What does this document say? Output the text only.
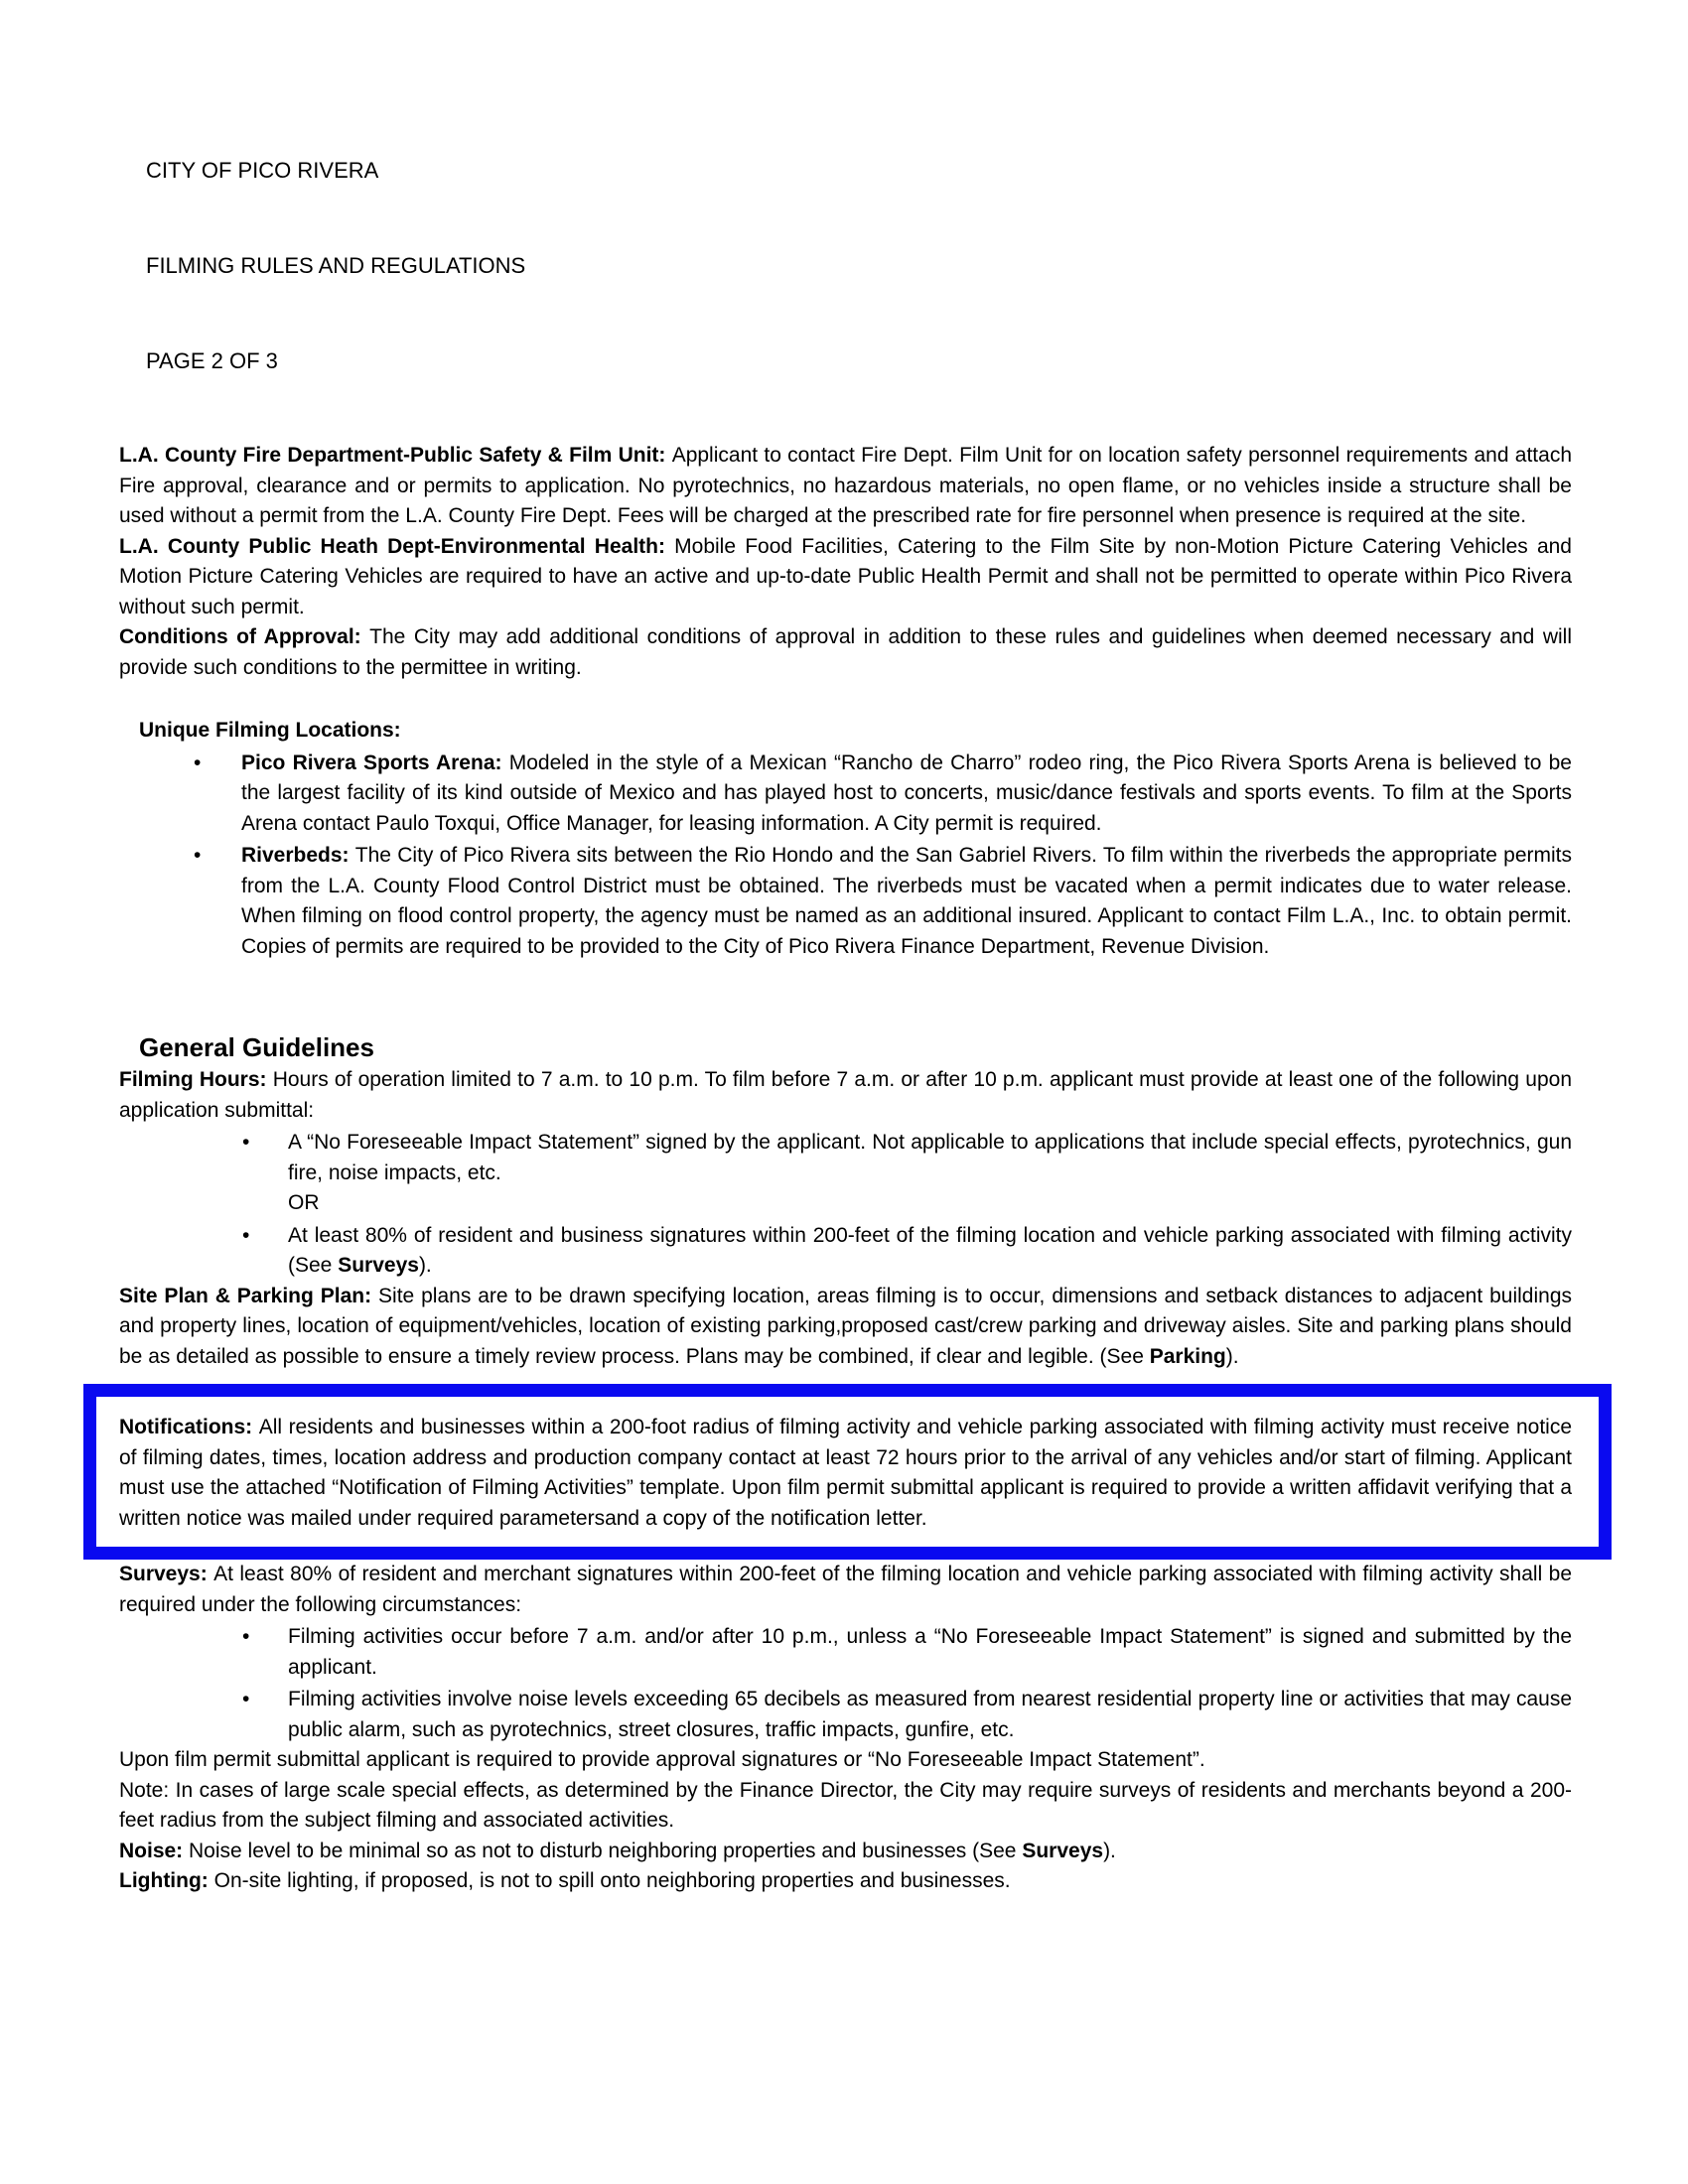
CITY OF PICO RIVERA

FILMING RULES AND REGULATIONS

PAGE 2 OF 3

L.A. County Fire Department-Public Safety & Film Unit: Applicant to contact Fire Dept. Film Unit for on location safety personnel requirements and attach Fire approval, clearance and or permits to application. No pyrotechnics, no hazardous materials, no open flame, or no vehicles inside a structure shall be used without a permit from the L.A. County Fire Dept. Fees will be charged at the prescribed rate for fire personnel when presence is required at the site.

L.A. County Public Heath Dept-Environmental Health: Mobile Food Facilities, Catering to the Film Site by non-Motion Picture Catering Vehicles and Motion Picture Catering Vehicles are required to have an active and up-to-date Public Health Permit and shall not be permitted to operate within Pico Rivera without such permit.

Conditions of Approval: The City may add additional conditions of approval in addition to these rules and guidelines when deemed necessary and will provide such conditions to the permittee in writing.

Unique Filming Locations:
• Pico Rivera Sports Arena: Modeled in the style of a Mexican “Rancho de Charro” rodeo ring, the Pico Rivera Sports Arena is believed to be the largest facility of its kind outside of Mexico and has played host to concerts, music/dance festivals and sports events. To film at the Sports Arena contact Paulo Toxqui, Office Manager, for leasing information. A City permit is required.
• Riverbeds: The City of Pico Rivera sits between the Rio Hondo and the San Gabriel Rivers. To film within the riverbeds the appropriate permits from the L.A. County Flood Control District must be obtained. The riverbeds must be vacated when a permit indicates due to water release. When filming on flood control property, the agency must be named as an additional insured. Applicant to contact Film L.A., Inc. to obtain permit. Copies of permits are required to be provided to the City of Pico Rivera Finance Department, Revenue Division.
General Guidelines

Filming Hours: Hours of operation limited to 7 a.m. to 10 p.m. To film before 7 a.m. or after 10 p.m. applicant must provide at least one of the following upon application submittal:

• A “No Foreseeable Impact Statement” signed by the applicant. Not applicable to applications that include special effects, pyrotechnics, gun fire, noise impacts, etc.
OR
• At least 80% of resident and business signatures within 200-feet of the filming location and vehicle parking associated with filming activity (See Surveys).

Site Plan & Parking Plan: Site plans are to be drawn specifying location, areas filming is to occur, dimensions and setback distances to adjacent buildings and property lines, location of equipment/vehicles, location of existing parking,proposed cast/crew parking and driveway aisles. Site and parking plans should be as detailed as possible to ensure a timely review process. Plans may be combined, if clear and legible. (See Parking).

Notifications: All residents and businesses within a 200-foot radius of filming activity and vehicle parking associated with filming activity must receive notice of filming dates, times, location address and production company contact at least 72 hours prior to the arrival of any vehicles and/or start of filming. Applicant must use the attached “Notification of Filming Activities” template. Upon film permit submittal applicant is required to provide a written affidavit verifying that a written notice was mailed under required parametersand a copy of the notification letter.

Surveys: At least 80% of resident and merchant signatures within 200-feet of the filming location and vehicle parking associated with filming activity shall be required under the following circumstances:

• Filming activities occur before 7 a.m. and/or after 10 p.m., unless a “No Foreseeable Impact Statement” is signed and submitted by the applicant.
• Filming activities involve noise levels exceeding 65 decibels as measured from nearest residential property line or activities that may cause public alarm, such as pyrotechnics, street closures, traffic impacts, gunfire, etc.

Upon film permit submittal applicant is required to provide approval signatures or “No Foreseeable Impact Statement”.

Note: In cases of large scale special effects, as determined by the Finance Director, the City may require surveys of residents and merchants beyond a 200-feet radius from the subject filming and associated activities.

Noise: Noise level to be minimal so as not to disturb neighboring properties and businesses (See Surveys).

Lighting: On-site lighting, if proposed, is not to spill onto neighboring properties and businesses.
